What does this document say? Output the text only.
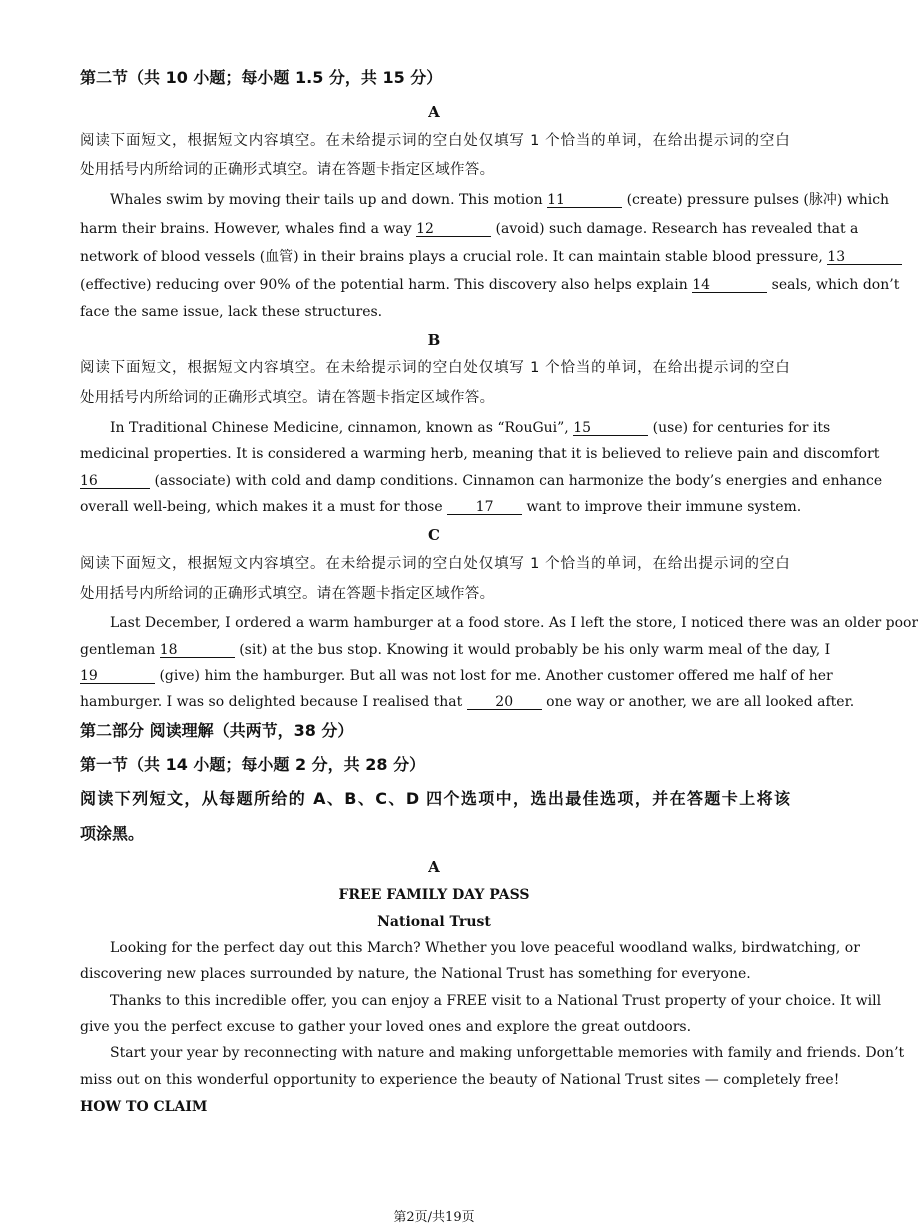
第二节（共 10 小题；每小题 1.5 分，共 15 分）
A
阅读下面短文，根据短文内容填空。在未给提示词的空白处仅填写 1 个恰当的单词，在给出提示词的空白
处用括号内所给词的正确形式填空。请在答题卡指定区域作答。
Whales swim by moving their tails up and down. This motion 11	(create) pressure pulses (脉冲) which
harm their brains. However, whales find a way 12	(avoid) such damage. Research has revealed that a
network of blood vessels (血管) in their brains plays a crucial role. It can maintain stable blood pressure, 13
(effective) reducing over 90% of the potential harm. This discovery also helps explain 14	seals, which don’t
face the same issue, lack these structures.
B
阅读下面短文，根据短文内容填空。在未给提示词的空白处仅填写 1 个恰当的单词，在给出提示词的空白
处用括号内所给词的正确形式填空。请在答题卡指定区域作答。
In Traditional Chinese Medicine, cinnamon, known as “RouGui”, 15	(use) for centuries for its
medicinal properties. It is considered a warming herb, meaning that it is believed to relieve pain and discomfort
16	(associate) with cold and damp conditions. Cinnamon can harmonize the body’s energies and enhance
overall well-being, which makes it a must for those 17 want to improve their immune system.
C
阅读下面短文，根据短文内容填空。在未给提示词的空白处仅填写 1 个恰当的单词，在给出提示词的空白
处用括号内所给词的正确形式填空。请在答题卡指定区域作答。
Last December, I ordered a warm hamburger at a food store. As I left the store, I noticed there was an older poor
gentleman 18	(sit) at the bus stop. Knowing it would probably be his only warm meal of the day, I
19	(give) him the hamburger. But all was not lost for me. Another customer offered me half of her
hamburger. I was so delighted because I realised that 20 one way or another, we are all looked after.
第二部分 阅读理解（共两节，38 分）
第一节（共 14 小题；每小题 2 分，共 28 分）
阅读下列短文，从每题所给的 A、B、C、D 四个选项中，选出最佳选项，并在答题卡上将该
项涂黑。
A
FREE FAMILY DAY PASS
National Trust
Looking for the perfect day out this March? Whether you love peaceful woodland walks, birdwatching, or
discovering new places surrounded by nature, the National Trust has something for everyone.
Thanks to this incredible offer, you can enjoy a FREE visit to a National Trust property of your choice. It will
give you the perfect excuse to gather your loved ones and explore the great outdoors.
Start your year by reconnecting with nature and making unforgettable memories with family and friends. Don’t
miss out on this wonderful opportunity to experience the beauty of National Trust sites — completely free!
HOW TO CLAIM
第2页/共19页
